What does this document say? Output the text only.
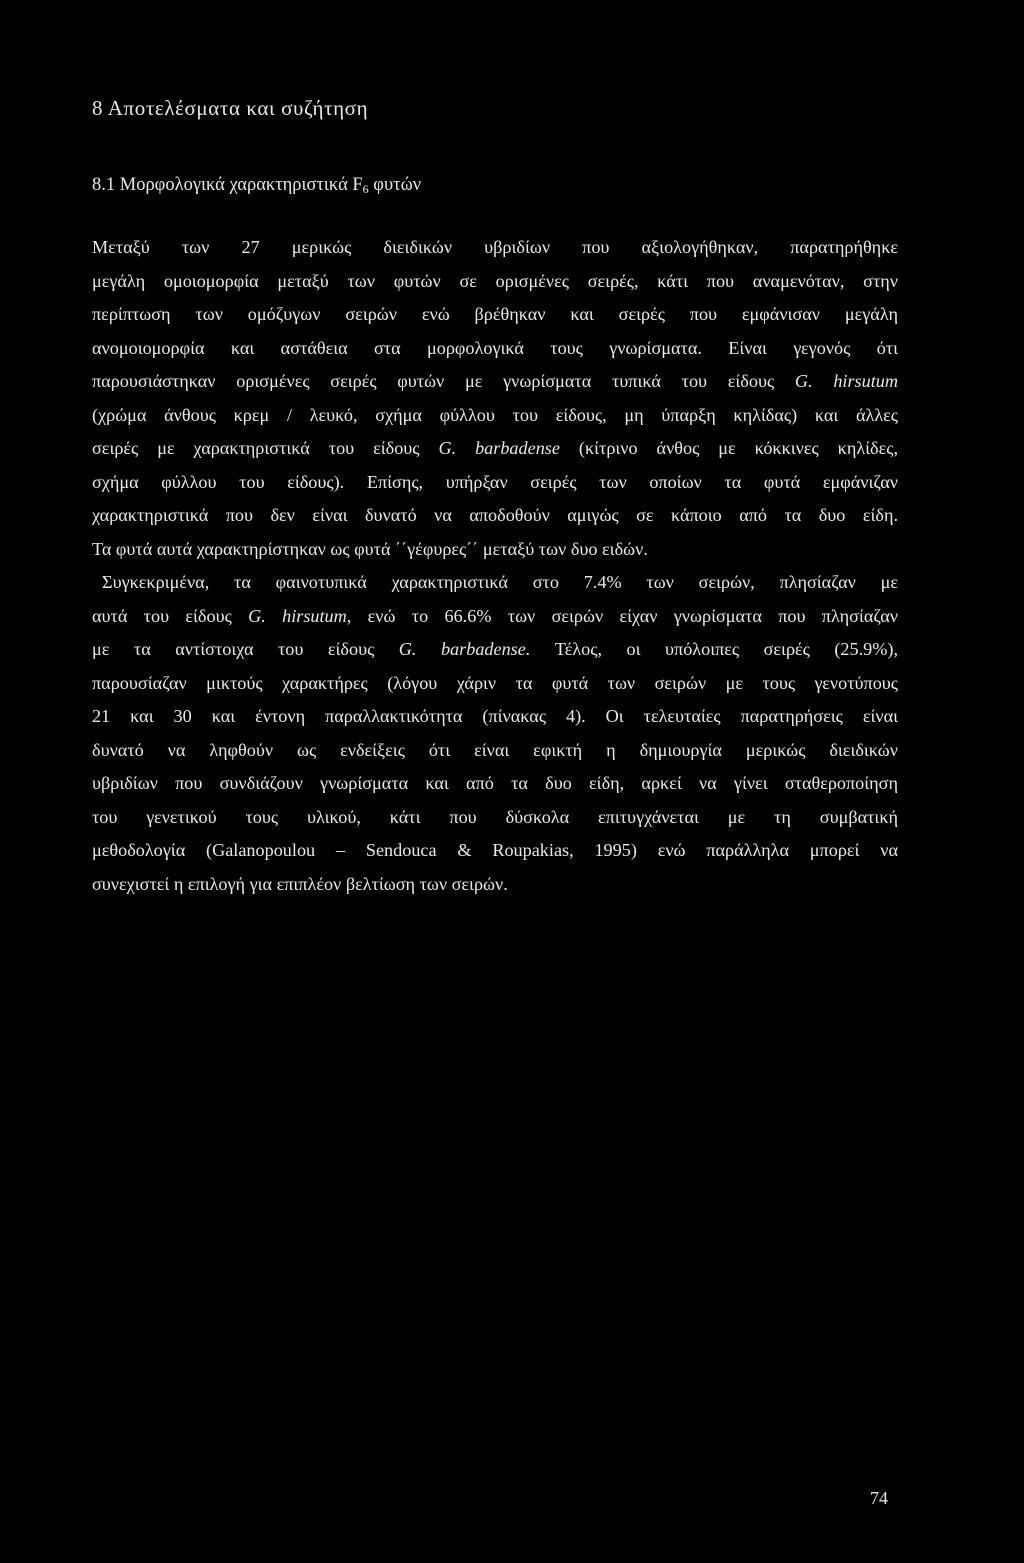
8 Αποτελέσματα και συζήτηση
8.1 Μορφολογικά χαρακτηριστικά $F_6$ φυτών
Μεταξύ των 27 μερικώς διειδικών υβριδίων που αξιολογήθηκαν, παρατηρήθηκε
μεγάλη ομοιομορφία μεταξύ των φυτών σε ορισμένες σειρές, κάτι που αναμενόταν, στην
περίπτωση των ομόζυγων σειρών ενώ βρέθηκαν και σειρές που εμφάνισαν μεγάλη
ανομοιομορφία και αστάθεια στα μορφολογικά τους γνωρίσματα. Είναι γεγονός ότι
παρουσιάστηκαν ορισμένες σειρές φυτών με γνωρίσματα τυπικά του είδους G. hirsutum
(χρώμα άνθους κρεμ / λευκό, σχήμα φύλλου του είδους, μη ύπαρξη κηλίδας) και άλλες
σειρές με χαρακτηριστικά του είδους G. barbadense (κίτρινο άνθος με κόκκινες κηλίδες,
σχήμα φύλλου του είδους). Επίσης, υπήρξαν σειρές των οποίων τα φυτά εμφάνιζαν
χαρακτηριστικά που δεν είναι δυνατό να αποδοθούν αμιγώς σε κάποιο από τα δυο είδη.
Τα φυτά αυτά χαρακτηρίστηκαν ως φυτά ΄΄γέφυρες΄΄ μεταξύ των δυο ειδών.
Συγκεκριμένα, τα φαινοτυπικά χαρακτηριστικά στο 7.4% των σειρών, πλησίαζαν με
αυτά του είδους G. hirsutum, ενώ το 66.6% των σειρών είχαν γνωρίσματα που πλησίαζαν
με τα αντίστοιχα του είδους G. barbadense. Τέλος, οι υπόλοιπες σειρές (25.9%),
παρουσίαζαν μικτούς χαρακτήρες (λόγου χάριν τα φυτά των σειρών με τους γενοτύπους
21 και 30 και έντονη παραλλακτικότητα (πίνακας 4). Οι τελευταίες παρατηρήσεις είναι
δυνατό να ληφθούν ως ενδείξεις ότι είναι εφικτή η δημιουργία μερικώς διειδικών
υβριδίων που συνδιάζουν γνωρίσματα και από τα δυο είδη, αρκεί να γίνει σταθεροποίηση
του γενετικού τους υλικού, κάτι που δύσκολα επιτυγχάνεται με τη συμβατική
μεθοδολογία (Galanopoulou – Sendouca & Roupakias, 1995) ενώ παράλληλα μπορεί να
συνεχιστεί η επιλογή για επιπλέον βελτίωση των σειρών.

74
